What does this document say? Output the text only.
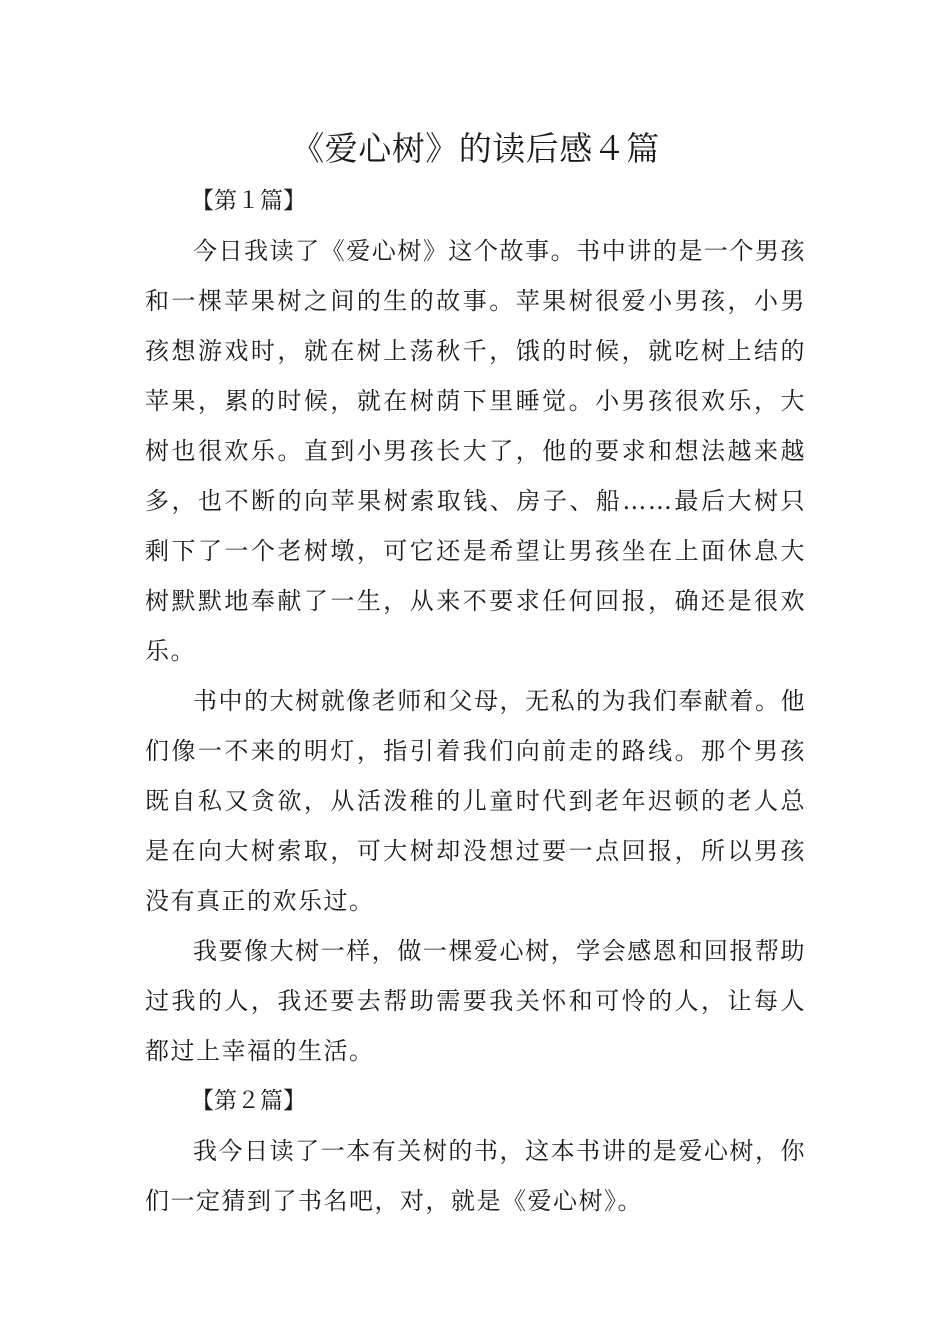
《爱心树》的读后感４篇
【第１篇】

今日我读了《爱心树》这个故事。书中讲的是一个男孩和一棵苹果树之间的生的故事。苹果树很爱小男孩，小男孩想游戏时，就在树上荡秋千，饿的时候，就吃树上结的苹果，累的时候，就在树荫下里睡觉。小男孩很欢乐，大树也很欢乐。直到小男孩长大了，他的要求和想法越来越多，也不断的向苹果树索取钱、房子、船……最后大树只剩下了一个老树墩，可它还是希望让男孩坐在上面休息大树默默地奉献了一生，从来不要求任何回报，确还是很欢乐。

书中的大树就像老师和父母，无私的为我们奉献着。他们像一不来的明灯，指引着我们向前走的路线。那个男孩既自私又贪欲，从活泼稚的儿童时代到老年迟顿的老人总是在向大树索取，可大树却没想过要一点回报，所以男孩没有真正的欢乐过。

我要像大树一样，做一棵爱心树，学会感恩和回报帮助过我的人，我还要去帮助需要我关怀和可怜的人，让每人都过上幸福的生活。

【第２篇】

我今日读了一本有关树的书，这本书讲的是爱心树，你们一定猜到了书名吧，对，就是《爱心树》。
